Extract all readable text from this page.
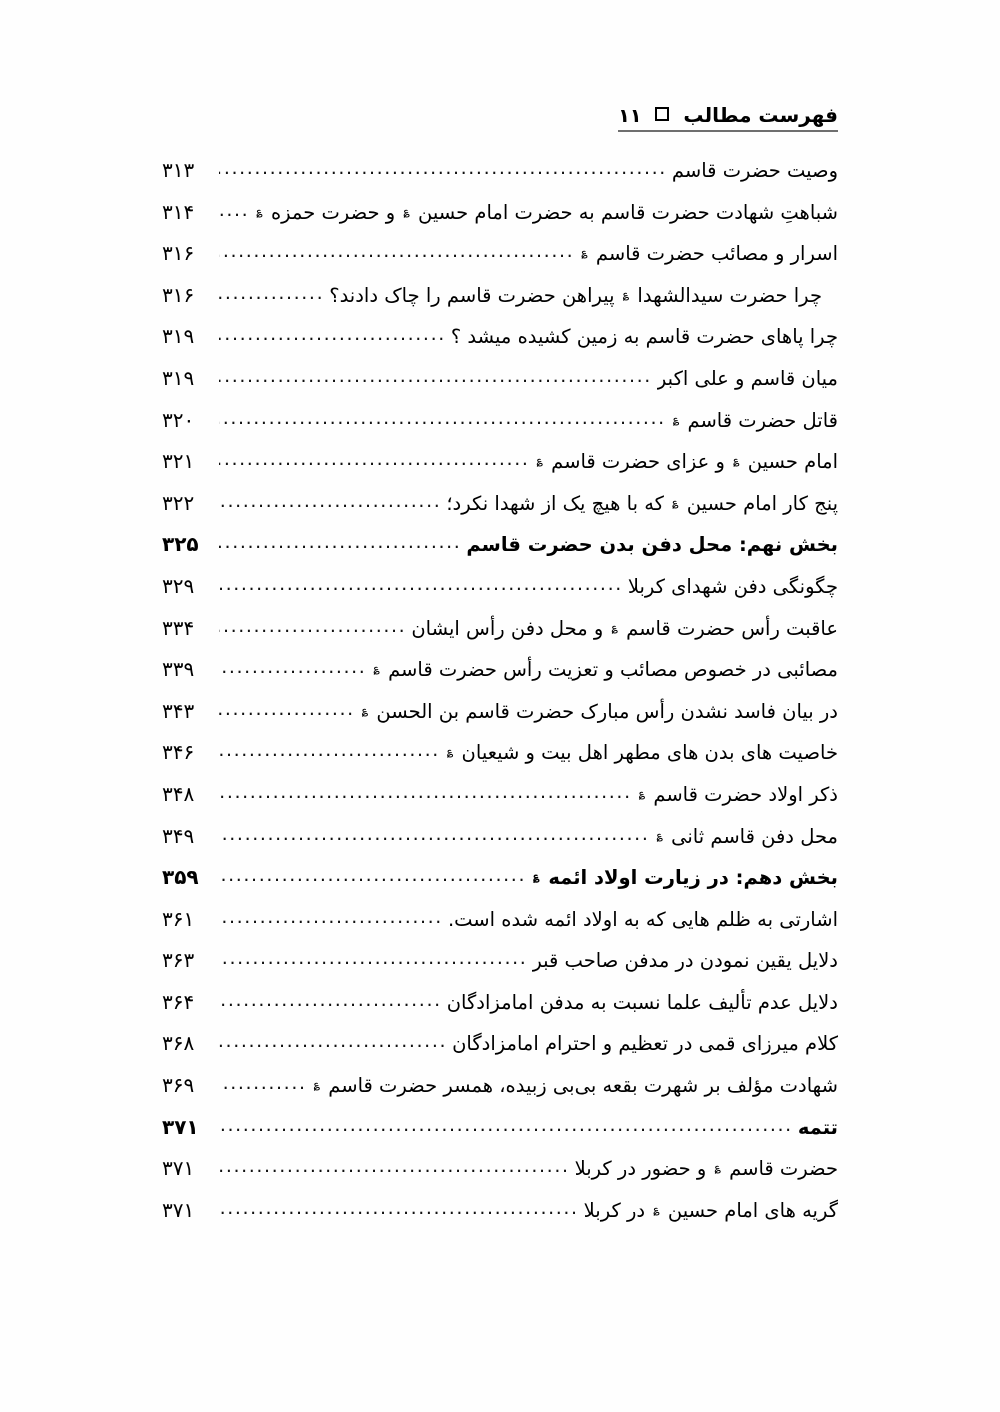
فهرست مطالب  ۱۱
وصیت حضرت قاسم
.....
۳۱۳
شباهتِ شهادت حضرت قاسم به حضرت امام حسین ؏ و حضرت حمزه ؏
.....
۳۱۴
اسرار و مصائب حضرت قاسم ؏
.....
۳۱۶
چرا حضرت سیدالشهدا ؏ پیراهن حضرت قاسم را چاک دادند؟
.....
۳۱۶
چرا پاهای حضرت قاسم به زمین کشیده میشد ؟
.....
۳۱۹
میان قاسم و علی اکبر
.....
۳۱۹
قاتل حضرت قاسم ؏
.....
۳۲۰
امام حسین ؏ و عزای حضرت قاسم ؏
.....
۳۲۱
پنج کار امام حسین ؏ که با هیچ یک از شهدا نکرد؛
.....
۳۲۲
بخش نهم: محل دفن بدن حضرت قاسم
.....
۳۲۵
چگونگی دفن شهدای کربلا
.....
۳۲۹
عاقبت رأس حضرت قاسم ؏ و محل دفن رأس ایشان
.....
۳۳۴
مصائبی در خصوص مصائب و تعزیت رأس حضرت قاسم ؏
.....
۳۳۹
در بیان فاسد نشدن رأس مبارک حضرت قاسم بن الحسن ؏
.....
۳۴۳
خاصیت های بدن های مطهر اهل بیت و شیعیان ؏
.....
۳۴۶
ذکر اولاد حضرت قاسم ؏
.....
۳۴۸
محل دفن قاسم ثانی ؏
.....
۳۴۹
بخش دهم: در زیارت اولاد ائمه ؏
.....
۳۵۹
اشارتی به ظلم هایی که به اولاد ائمه شده است.
.....
۳۶۱
دلایل یقین نمودن در مدفن صاحب قبر
.....
۳۶۳
دلایل عدم تألیف علما نسبت به مدفن امامزادگان
.....
۳۶۴
کلام میرزای قمی در تعظیم و احترام امامزادگان
.....
۳۶۸
شهادت مؤلف بر شهرت بقعه بی‌بی زبیده، همسر حضرت قاسم ؏
.....
۳۶۹
تتمه
.....
۳۷۱
حضرت قاسم ؏ و حضور در کربلا
.....
۳۷۱
گریه های امام حسین ؏ در کربلا
.....
۳۷۱
